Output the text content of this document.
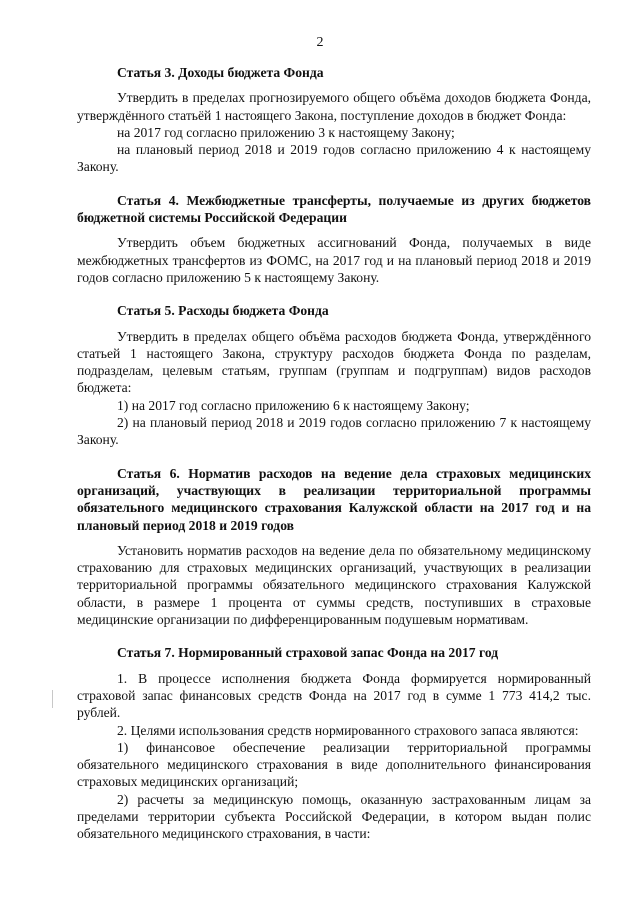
2

Статья 3. Доходы бюджета Фонда

Утвердить в пределах прогнозируемого общего объёма доходов бюджета Фонда, утверждённого статьёй 1 настоящего Закона, поступление доходов в бюджет Фонда:

на 2017 год согласно приложению 3 к настоящему Закону;

на плановый период 2018 и 2019 годов согласно приложению 4 к настоящему Закону.

Статья 4. Межбюджетные трансферты, получаемые из других бюджетов бюджетной системы Российской Федерации

Утвердить объем бюджетных ассигнований Фонда, получаемых в виде межбюджетных трансфертов из ФОМС, на 2017 год и на плановый период 2018 и 2019 годов согласно приложению 5 к настоящему Закону.

Статья 5. Расходы бюджета Фонда

Утвердить в пределах общего объёма расходов бюджета Фонда, утверждённого статьей 1 настоящего Закона, структуру расходов бюджета Фонда по разделам, подразделам, целевым статьям, группам (группам и подгруппам) видов расходов бюджета:

1) на 2017 год согласно приложению 6 к настоящему Закону;

2) на плановый период 2018 и 2019 годов согласно приложению 7 к настоящему Закону.

Статья 6. Норматив расходов на ведение дела страховых медицинских организаций, участвующих в реализации территориальной программы обязательного медицинского страхования Калужской области на 2017 год и на плановый период 2018 и 2019 годов

Установить норматив расходов на ведение дела по обязательному медицинскому страхованию для страховых медицинских организаций, участвующих в реализации территориальной программы обязательного медицинского страхования Калужской области, в размере 1 процента от суммы средств, поступивших в страховые медицинские организации по дифференцированным подушевым нормативам.

Статья 7. Нормированный страховой запас Фонда на 2017 год

1. В процессе исполнения бюджета Фонда формируется нормированный страховой запас финансовых средств Фонда на 2017 год в сумме 1 773 414,2 тыс. рублей.

2. Целями использования средств нормированного страхового запаса являются:

1) финансовое обеспечение реализации территориальной программы обязательного медицинского страхования в виде дополнительного финансирования страховых медицинских организаций;

2) расчеты за медицинскую помощь, оказанную застрахованным лицам за пределами территории субъекта Российской Федерации, в котором выдан полис обязательного медицинского страхования, в части:
